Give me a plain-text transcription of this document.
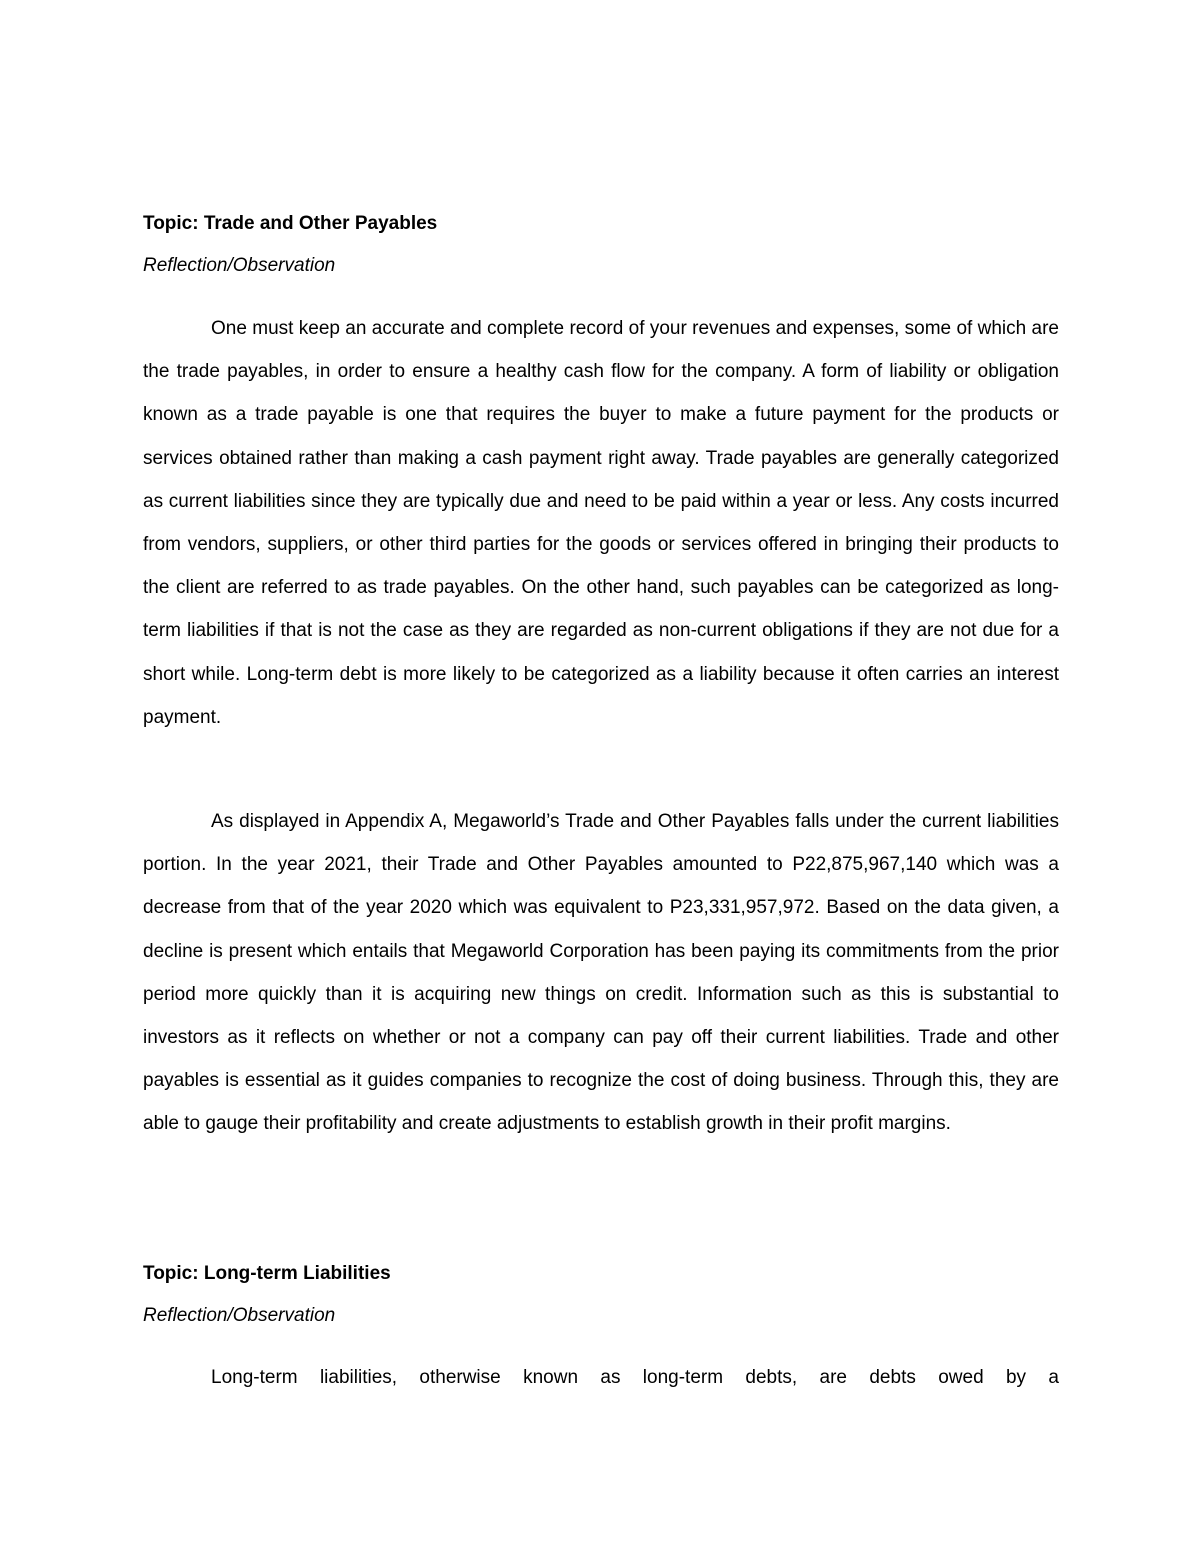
Topic: Trade and Other Payables
Reflection/Observation

One must keep an accurate and complete record of your revenues and expenses, some of which are the trade payables, in order to ensure a healthy cash flow for the company. A form of liability or obligation known as a trade payable is one that requires the buyer to make a future payment for the products or services obtained rather than making a cash payment right away. Trade payables are generally categorized as current liabilities since they are typically due and need to be paid within a year or less. Any costs incurred from vendors, suppliers, or other third parties for the goods or services offered in bringing their products to the client are referred to as trade payables. On the other hand, such payables can be categorized as long-term liabilities if that is not the case as they are regarded as non-current obligations if they are not due for a short while. Long-term debt is more likely to be categorized as a liability because it often carries an interest payment.

As displayed in Appendix A, Megaworld’s Trade and Other Payables falls under the current liabilities portion. In the year 2021, their Trade and Other Payables amounted to P22,875,967,140 which was a decrease from that of the year 2020 which was equivalent to P23,331,957,972. Based on the data given, a decline is present which entails that Megaworld Corporation has been paying its commitments from the prior period more quickly than it is acquiring new things on credit. Information such as this is substantial to investors as it reflects on whether or not a company can pay off their current liabilities. Trade and other payables is essential as it guides companies to recognize the cost of doing business. Through this, they are able to gauge their profitability and create adjustments to establish growth in their profit margins.

Topic: Long-term Liabilities
Reflection/Observation

Long-term liabilities, otherwise known as long-term debts, are debts owed by a
